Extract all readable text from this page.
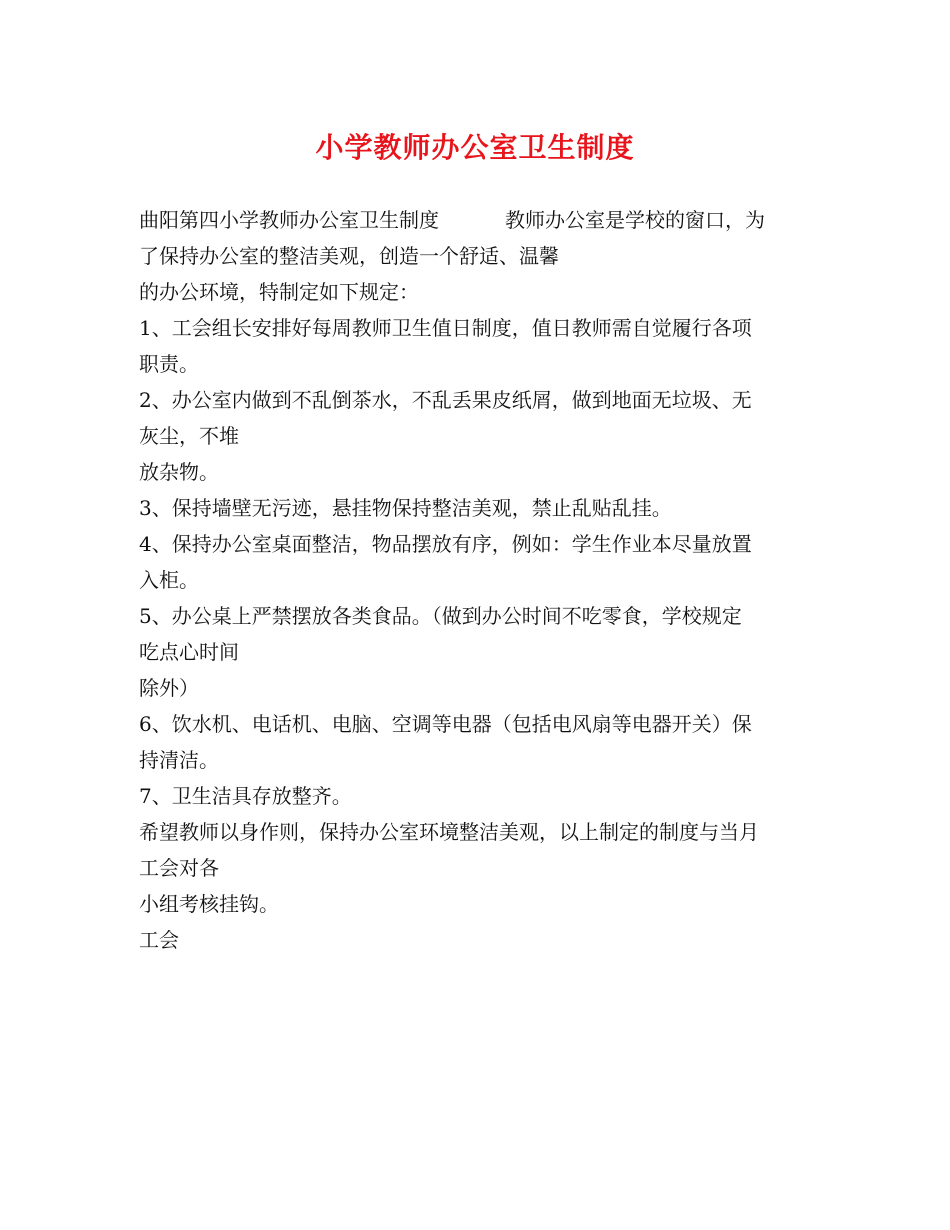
小学教师办公室卫生制度
曲阳第四小学教师办公室卫生制度	教师办公室是学校的窗口，为
了保持办公室的整洁美观，创造一个舒适、温馨
的办公环境，特制定如下规定：
1、工会组长安排好每周教师卫生值日制度，值日教师需自觉履行各项
职责。
2、办公室内做到不乱倒茶水，不乱丢果皮纸屑，做到地面无垃圾、无
灰尘，不堆
放杂物。
3、保持墙壁无污迹，悬挂物保持整洁美观，禁止乱贴乱挂。
4、保持办公室桌面整洁，物品摆放有序，例如：学生作业本尽量放置
入柜。
5、办公桌上严禁摆放各类食品。（做到办公时间不吃零食，学校规定
吃点心时间
除外）
6、饮水机、电话机、电脑、空调等电器（包括电风扇等电器开关）保
持清洁。
7、卫生洁具存放整齐。
希望教师以身作则，保持办公室环境整洁美观，以上制定的制度与当月
工会对各
小组考核挂钩。
工会
